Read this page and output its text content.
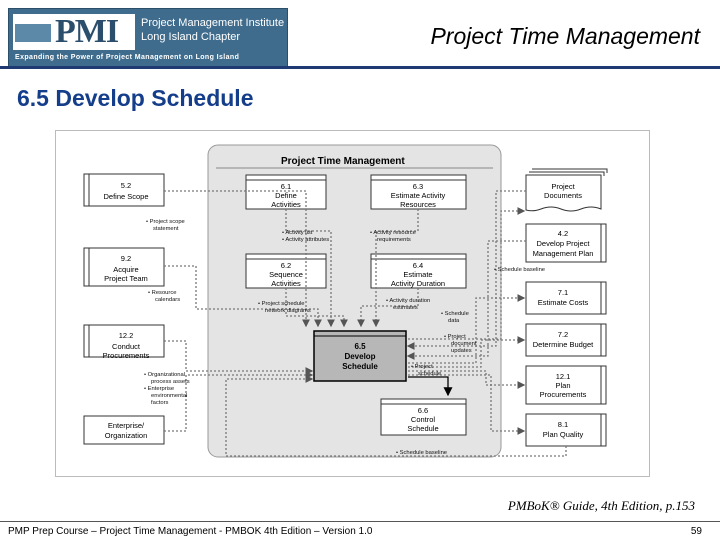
PMI Project Management Institute
Long Island Chapter
Expanding the Power of Project Management on Long Island
Project Time Management
6.5 Develop Schedule
Project Time Management
5.2
Define Scope
9.2
Acquire
Project Team
12.2
Conduct
Procurements
Enterprise/
Organization
Project
Documents
4.2
Develop Project
Management Plan
7.1
Estimate Costs
7.2
Determine Budget
12.1
Plan
Procurements
8.1
Plan Quality
6.1
Define
Activities
6.3
Estimate Activity
Resources
6.2
Sequence
Activities
6.4
Estimate
Activity Duration
6.5
Develop
Schedule
6.6
Control
Schedule
• Project scope
statement
• Activity list
• Activity attributes
• Activity resource
requirements
• Schedule baseline
• Resource
calendars
• Project schedule
network diagrams
• Activity duration
estimates
• Schedule
data
• Project
document
updates
• Project
schedule
• Organizational
process assets
• Enterprise
environmental
factors
• Schedule baseline
PMBoK® Guide, 4th Edition, p.153
PMP Prep Course – Project Time Management - PMBOK 4th Edition – Version 1.0	59
